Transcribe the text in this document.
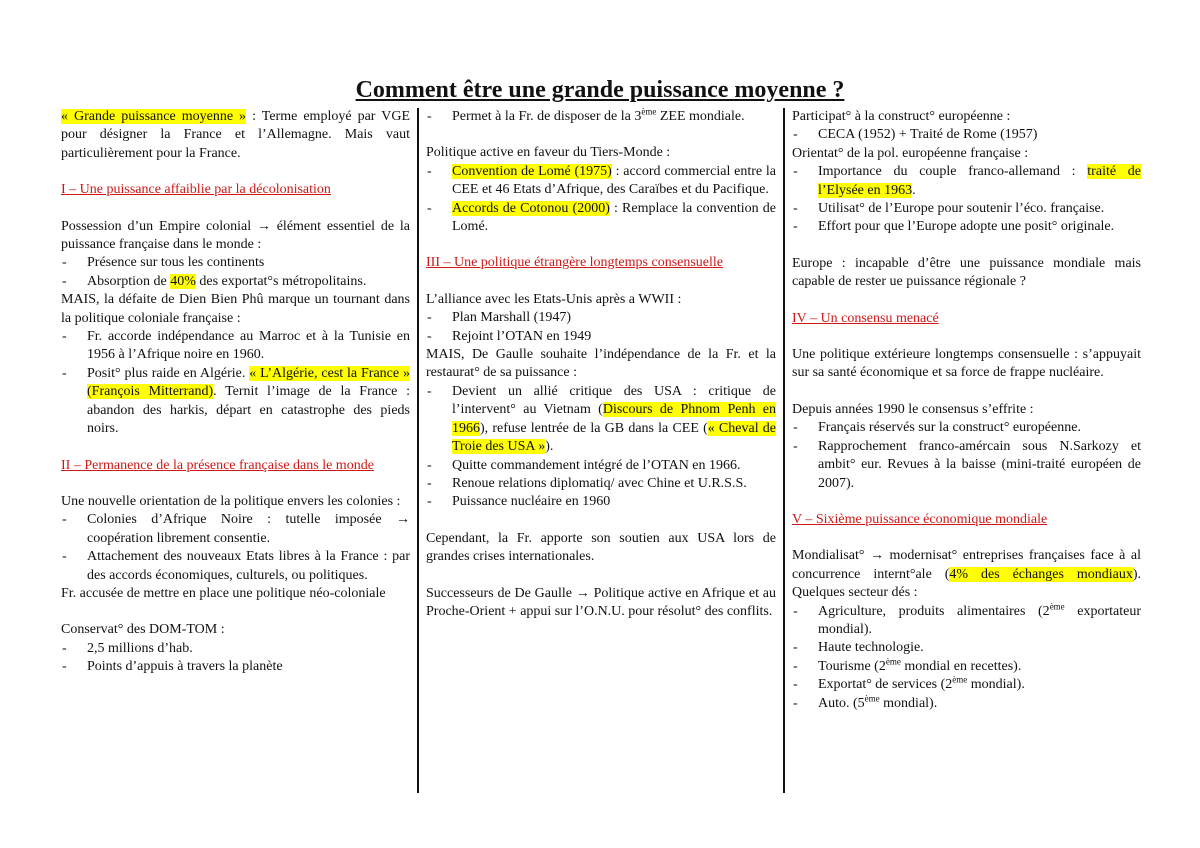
Comment être une grande puissance moyenne ?

« Grande puissance moyenne » : Terme employé par VGE pour désigner la France et l’Allemagne. Mais vaut particulièrement pour la France.

I – Une puissance affaiblie par la décolonisation

Possession d’un Empire colonial → élément essentiel de la puissance française dans le monde :

-	Présence sur tous les continents
-	Absorption de 40% des exportat°s métropolitains.

MAIS, la défaite de Dien Bien Phû marque un tournant dans la politique coloniale française :

-	Fr. accorde indépendance au Marroc et à la Tunisie en 1956 à l’Afrique noire en 1960.
-	Posit° plus raide en Algérie. « L’Algérie, cest la France » (François Mitterrand). Ternit l’image de la France : abandon des harkis, départ en catastrophe des pieds noirs.

II – Permanence de la présence française dans le monde

Une nouvelle orientation de la politique envers les colonies :

-	Colonies d’Afrique Noire : tutelle imposée → coopération librement consentie.
-	Attachement des nouveaux Etats libres à la France : par des accords économiques, culturels, ou politiques.

Fr. accusée de mettre en place une politique néo-coloniale

Conservat° des DOM-TOM :

-	2,5 millions d’hab.
-	Points d’appuis à travers la planète
-	Permet à la Fr. de disposer de la 3ème ZEE mondiale.

Politique active en faveur du Tiers-Monde :

-	Convention de Lomé (1975) : accord commercial entre la CEE et 46 Etats d’Afrique, des Caraïbes et du Pacifique.
-	Accords de Cotonou (2000) : Remplace la convention de Lomé.

III – Une politique étrangère longtemps consensuelle

L’alliance avec les Etats-Unis après a WWII :

-	Plan Marshall (1947)
-	Rejoint l’OTAN en 1949

MAIS, De Gaulle souhaite l’indépendance de la Fr. et la restaurat° de sa puissance :

-	Devient un allié critique des USA : critique de l’intervent° au Vietnam (Discours de Phnom Penh en 1966), refuse lentrée de la GB dans la CEE (« Cheval de Troie des USA »).
-	Quitte commandement intégré de l’OTAN en 1966.
-	Renoue relations diplomatiq/ avec Chine et U.R.S.S.
-	Puissance nucléaire en 1960

Cependant, la Fr. apporte son soutien aux USA lors de grandes crises internationales.

Successeurs de De Gaulle → Politique active en Afrique et au Proche-Orient + appui sur l’O.N.U. pour résolut° des conflits.

Participat° à la construct° européenne :

-	CECA (1952) + Traité de Rome (1957)

Orientat° de la pol. européenne française :

-	Importance du couple franco-allemand : traité de l’Elysée en 1963.
-	Utilisat° de l’Europe pour soutenir l’éco. française.
-	Effort pour que l’Europe adopte une posit° originale.

Europe : incapable d’être une puissance mondiale mais capable de rester ue puissance régionale ?

IV – Un consensu menacé

Une politique extérieure longtemps consensuelle : s’appuyait sur sa santé économique et sa force de frappe nucléaire.

Depuis années 1990 le consensus s’effrite :

-	Français réservés sur la construct° européenne.
-	Rapprochement franco-amércain sous N.Sarkozy et ambit° eur. Revues à la baisse (mini-traité européen de 2007).

V – Sixième puissance économique mondiale

Mondialisat° → modernisat° entreprises françaises face à al concurrence internt°ale (4% des échanges mondiaux). Quelques secteur dés :

-	Agriculture, produits alimentaires (2ème exportateur mondial).
-	Haute technologie.
-	Tourisme (2ème mondial en recettes).
-	Exportat° de services (2ème mondial).
-	Auto. (5ème mondial).
